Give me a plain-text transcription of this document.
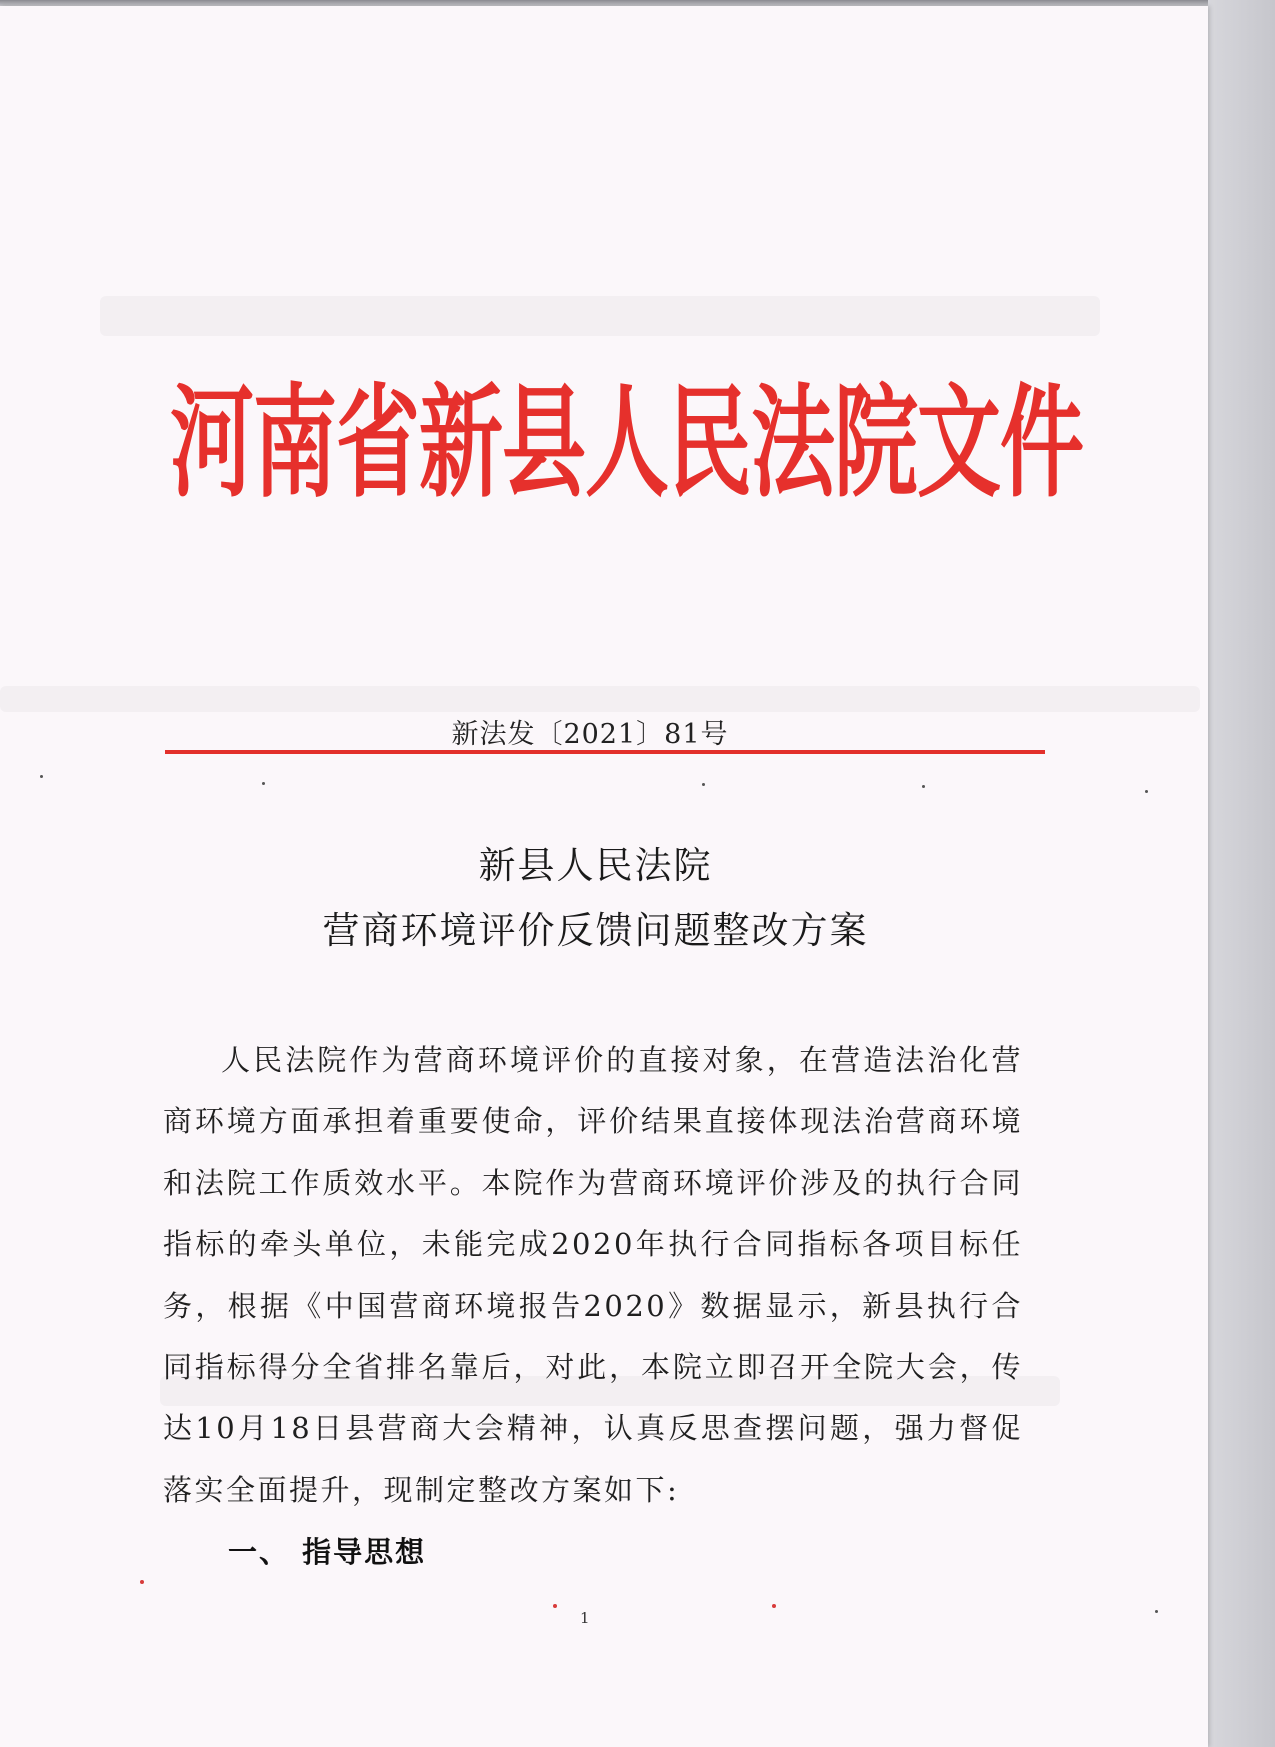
河南省新县人民法院文件
新法发〔2021〕81号
新县人民法院
营商环境评价反馈问题整改方案

人民法院作为营商环境评价的直接对象，在营造法治化营商环境方面承担着重要使命，评价结果直接体现法治营商环境和法院工作质效水平。本院作为营商环境评价涉及的执行合同指标的牵头单位，未能完成2020年执行合同指标各项目标任务，根据《中国营商环境报告2020》数据显示，新县执行合同指标得分全省排名靠后，对此，本院立即召开全院大会，传达10月18日县营商大会精神，认真反思查摆问题，强力督促落实全面提升，现制定整改方案如下:

一、 指导思想
1
